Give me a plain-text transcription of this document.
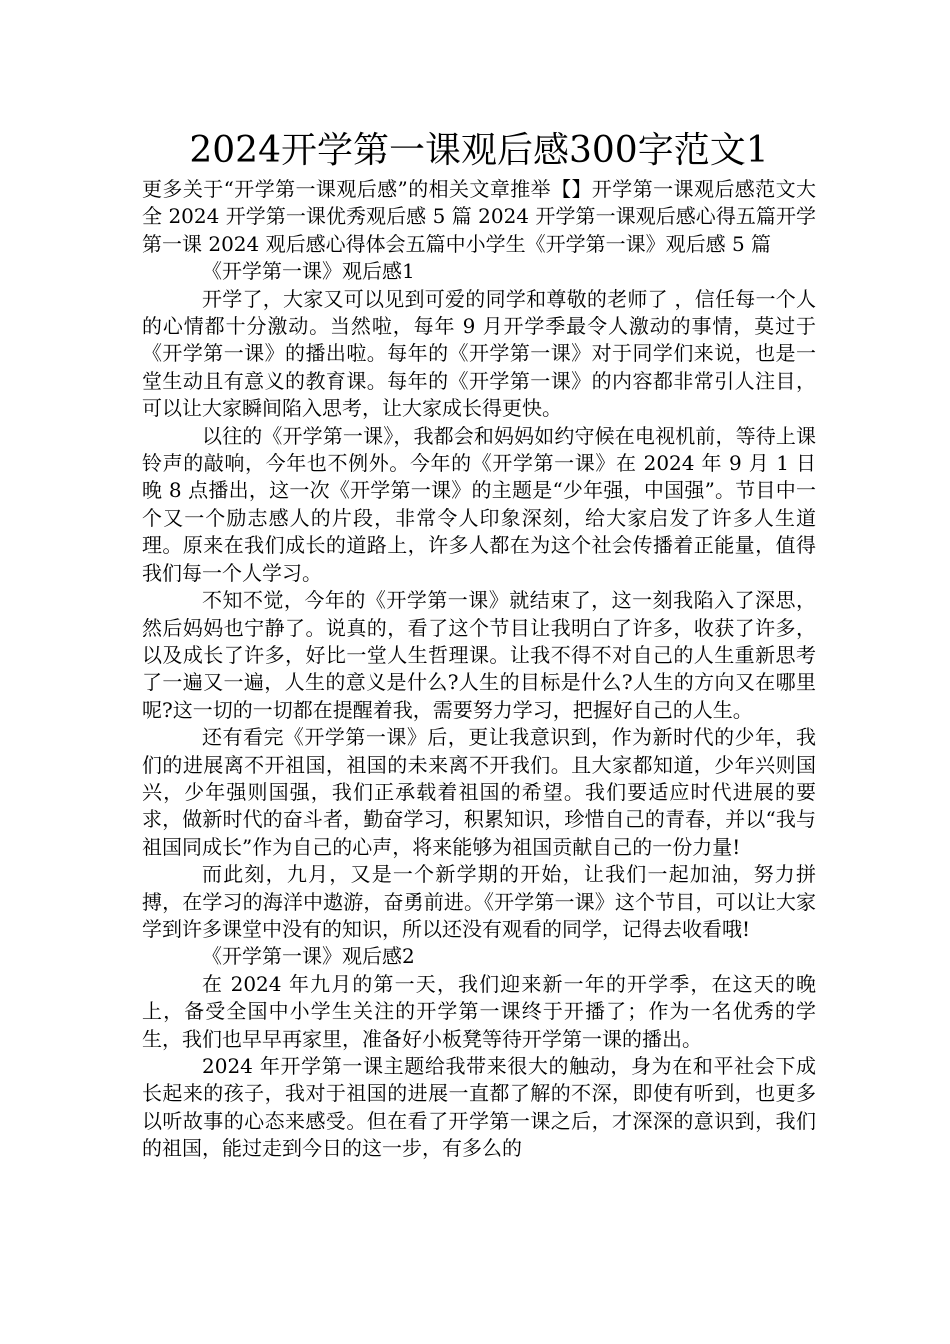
2024开学第一课观后感300字范文1

更多关于“开学第一课观后感”的相关文章推举【】开学第一课观后感范文大全 2024 开学第一课优秀观后感 5 篇 2024 开学第一课观后感心得五篇开学第一课 2024 观后感心得体会五篇中小学生《开学第一课》观后感 5 篇

《开学第一课》观后感1

开学了，大家又可以见到可爱的同学和尊敬的老师了 ，信任每一个人的心情都十分激动。当然啦，每年 9 月开学季最令人激动的事情，莫过于《开学第一课》的播出啦。每年的《开学第一课》对于同学们来说，也是一堂生动且有意义的教育课。每年的《开学第一课》的内容都非常引人注目，可以让大家瞬间陷入思考，让大家成长得更快。

以往的《开学第一课》，我都会和妈妈如约守候在电视机前，等待上课铃声的敲响，今年也不例外。今年的《开学第一课》在 2024 年 9 月 1 日晚 8 点播出，这一次《开学第一课》的主题是“少年强，中国强”。节目中一个又一个励志感人的片段，非常令人印象深刻，给大家启发了许多人生道理。原来在我们成长的道路上，许多人都在为这个社会传播着正能量，值得我们每一个人学习。

不知不觉，今年的《开学第一课》就结束了，这一刻我陷入了深思，然后妈妈也宁静了。说真的，看了这个节目让我明白了许多，收获了许多，以及成长了许多，好比一堂人生哲理课。让我不得不对自己的人生重新思考了一遍又一遍，人生的意义是什么?人生的目标是什么?人生的方向又在哪里呢?这一切的一切都在提醒着我，需要努力学习，把握好自己的人生。

还有看完《开学第一课》后，更让我意识到，作为新时代的少年，我们的进展离不开祖国，祖国的未来离不开我们。且大家都知道，少年兴则国兴，少年强则国强，我们正承载着祖国的希望。我们要适应时代进展的要求，做新时代的奋斗者，勤奋学习，积累知识，珍惜自己的青春，并以“我与祖国同成长”作为自己的心声，将来能够为祖国贡献自己的一份力量!

而此刻，九月，又是一个新学期的开始，让我们一起加油，努力拼搏，在学习的海洋中遨游，奋勇前进。《开学第一课》这个节目，可以让大家学到许多课堂中没有的知识，所以还没有观看的同学，记得去收看哦!

《开学第一课》观后感2

在 2024 年九月的第一天，我们迎来新一年的开学季，在这天的晚上，备受全国中小学生关注的开学第一课终于开播了；作为一名优秀的学生，我们也早早再家里，准备好小板凳等待开学第一课的播出。

2024 年开学第一课主题给我带来很大的触动，身为在和平社会下成长起来的孩子，我对于祖国的进展一直都了解的不深，即使有听到，也更多以听故事的心态来感受。但在看了开学第一课之后，才深深的意识到，我们的祖国，能过走到今日的这一步，有多么的
